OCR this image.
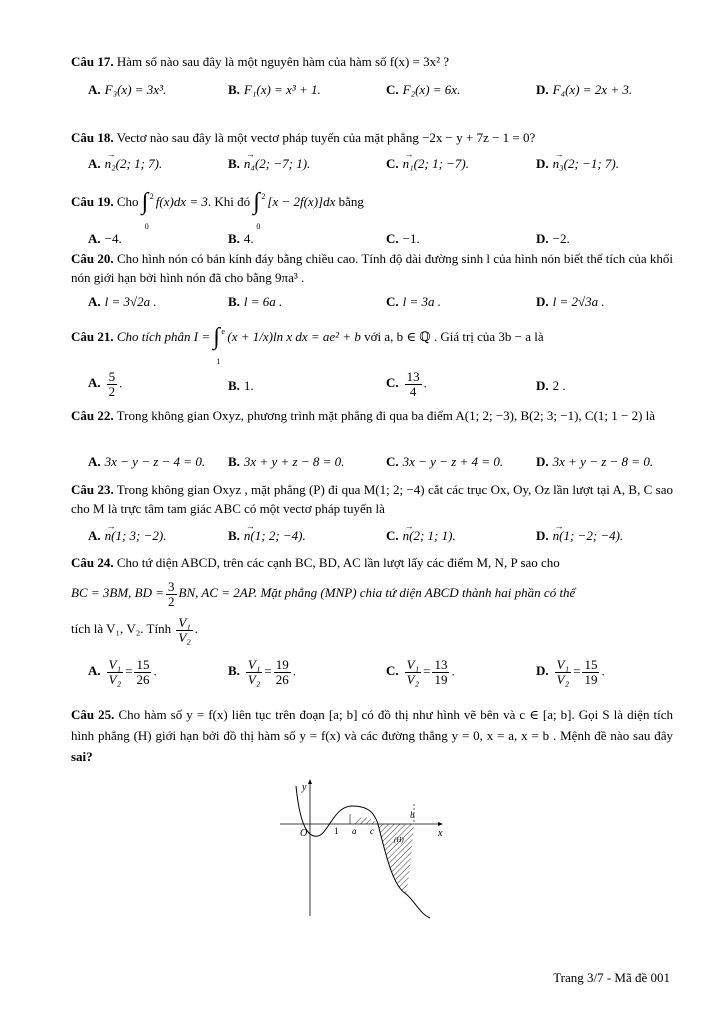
Câu 17. Hàm số nào sau đây là một nguyên hàm của hàm số f(x) = 3x² ?
A. F₃(x) = 3x³.	B. F₁(x) = x³ + 1.	C. F₂(x) = 6x.	D. F₄(x) = 2x + 3.
Câu 18. Vectơ nào sau đây là một vectơ pháp tuyến của mặt phẳng −2x − y + 7z − 1 = 0?
A. → n₂(2; 1; 7).	B. → n₄(2; −7; 1).	C. → n₁(2; 1; −7).	D. → n₃(2; −1; 7).
Câu 19. Cho ∫ 2
0
f(x)dx = 3. Khi đó ∫ 2
0
[x − 2f(x)]dx bằng
A. −4.	B. 4.	C. −1.	D. −2.
Câu 20. Cho hình nón có bán kính đáy bằng chiều cao. Tính độ dài đường sinh l của hình nón biết thể tích của khối nón giới hạn bởi hình nón đã cho bằng 9πa³ .
A. l = 3√2a .	B. l = 6a .	C. l = 3a .	D. l = 2√3a .
Câu 21. Cho tích phân I = ∫ e
1
(x + 1/x)ln x dx = ae² + b với a, b ∈ ℚ . Giá trị của 3b − a là
A. $\frac{5}{2}$ .	B. 1.	C. $\frac{13}{4}$ .	D. 2 .
Câu 22. Trong không gian Oxyz, phương trình mặt phẳng đi qua ba điểm A(1; 2; −3), B(2; 3; −1), C(1; 1 − 2) là
A. 3x − y − z − 4 = 0. B. 3x + y + z − 8 = 0.	C. 3x − y − z + 4 = 0.	D. 3x + y − z − 8 = 0.
Câu 23. Trong không gian Oxyz , mặt phẳng (P) đi qua M(1; 2; −4) cắt các trục Ox, Oy, Oz lần lượt tại A, B, C sao cho M là trực tâm tam giác ABC có một vectơ pháp tuyến là
A. → n(1; 3; −2).	B. → n(1; 2; −4).	C. → n(2; 1; 1).	D. → n(1; −2; −4).
Câu 24. Cho tứ diện ABCD, trên các cạnh BC, BD, AC lần lượt lấy các điểm M, N, P sao cho
BC = 3BM, BD = $\frac{3}{2}$ BN, AC = 2AP. Mặt phẳng (MNP) chia tứ diện ABCD thành hai phần có thể
tích là V₁, V₂. Tính $\frac{\text{V₁}}{\text{V₂}}$ .
A. $\frac{\text{V₁}}{\text{V₂}} = \frac{15}{26}$ .	B. $\frac{\text{V₁}}{\text{V₂}} = \frac{19}{26}$ .	C. $\frac{\text{V₁}}{\text{V₂}} = \frac{13}{19}$ .	D. $\frac{\text{V₁}}{\text{V₂}} = \frac{15}{19}$ .
Câu 25. Cho hàm số y = f(x) liên tục trên đoạn [a; b] có đồ thị như hình vẽ bên và c ∈ [a; b]. Gọi S là diện tích hình phẳng (H) giới hạn bởi đồ thị hàm số y = f(x) và các đường thẳng y = 0, x = a, x = b . Mệnh đề nào sau đây sai?
y
x
O	1 a c
b
(H)
Trang 3/7 - Mã đề 001
